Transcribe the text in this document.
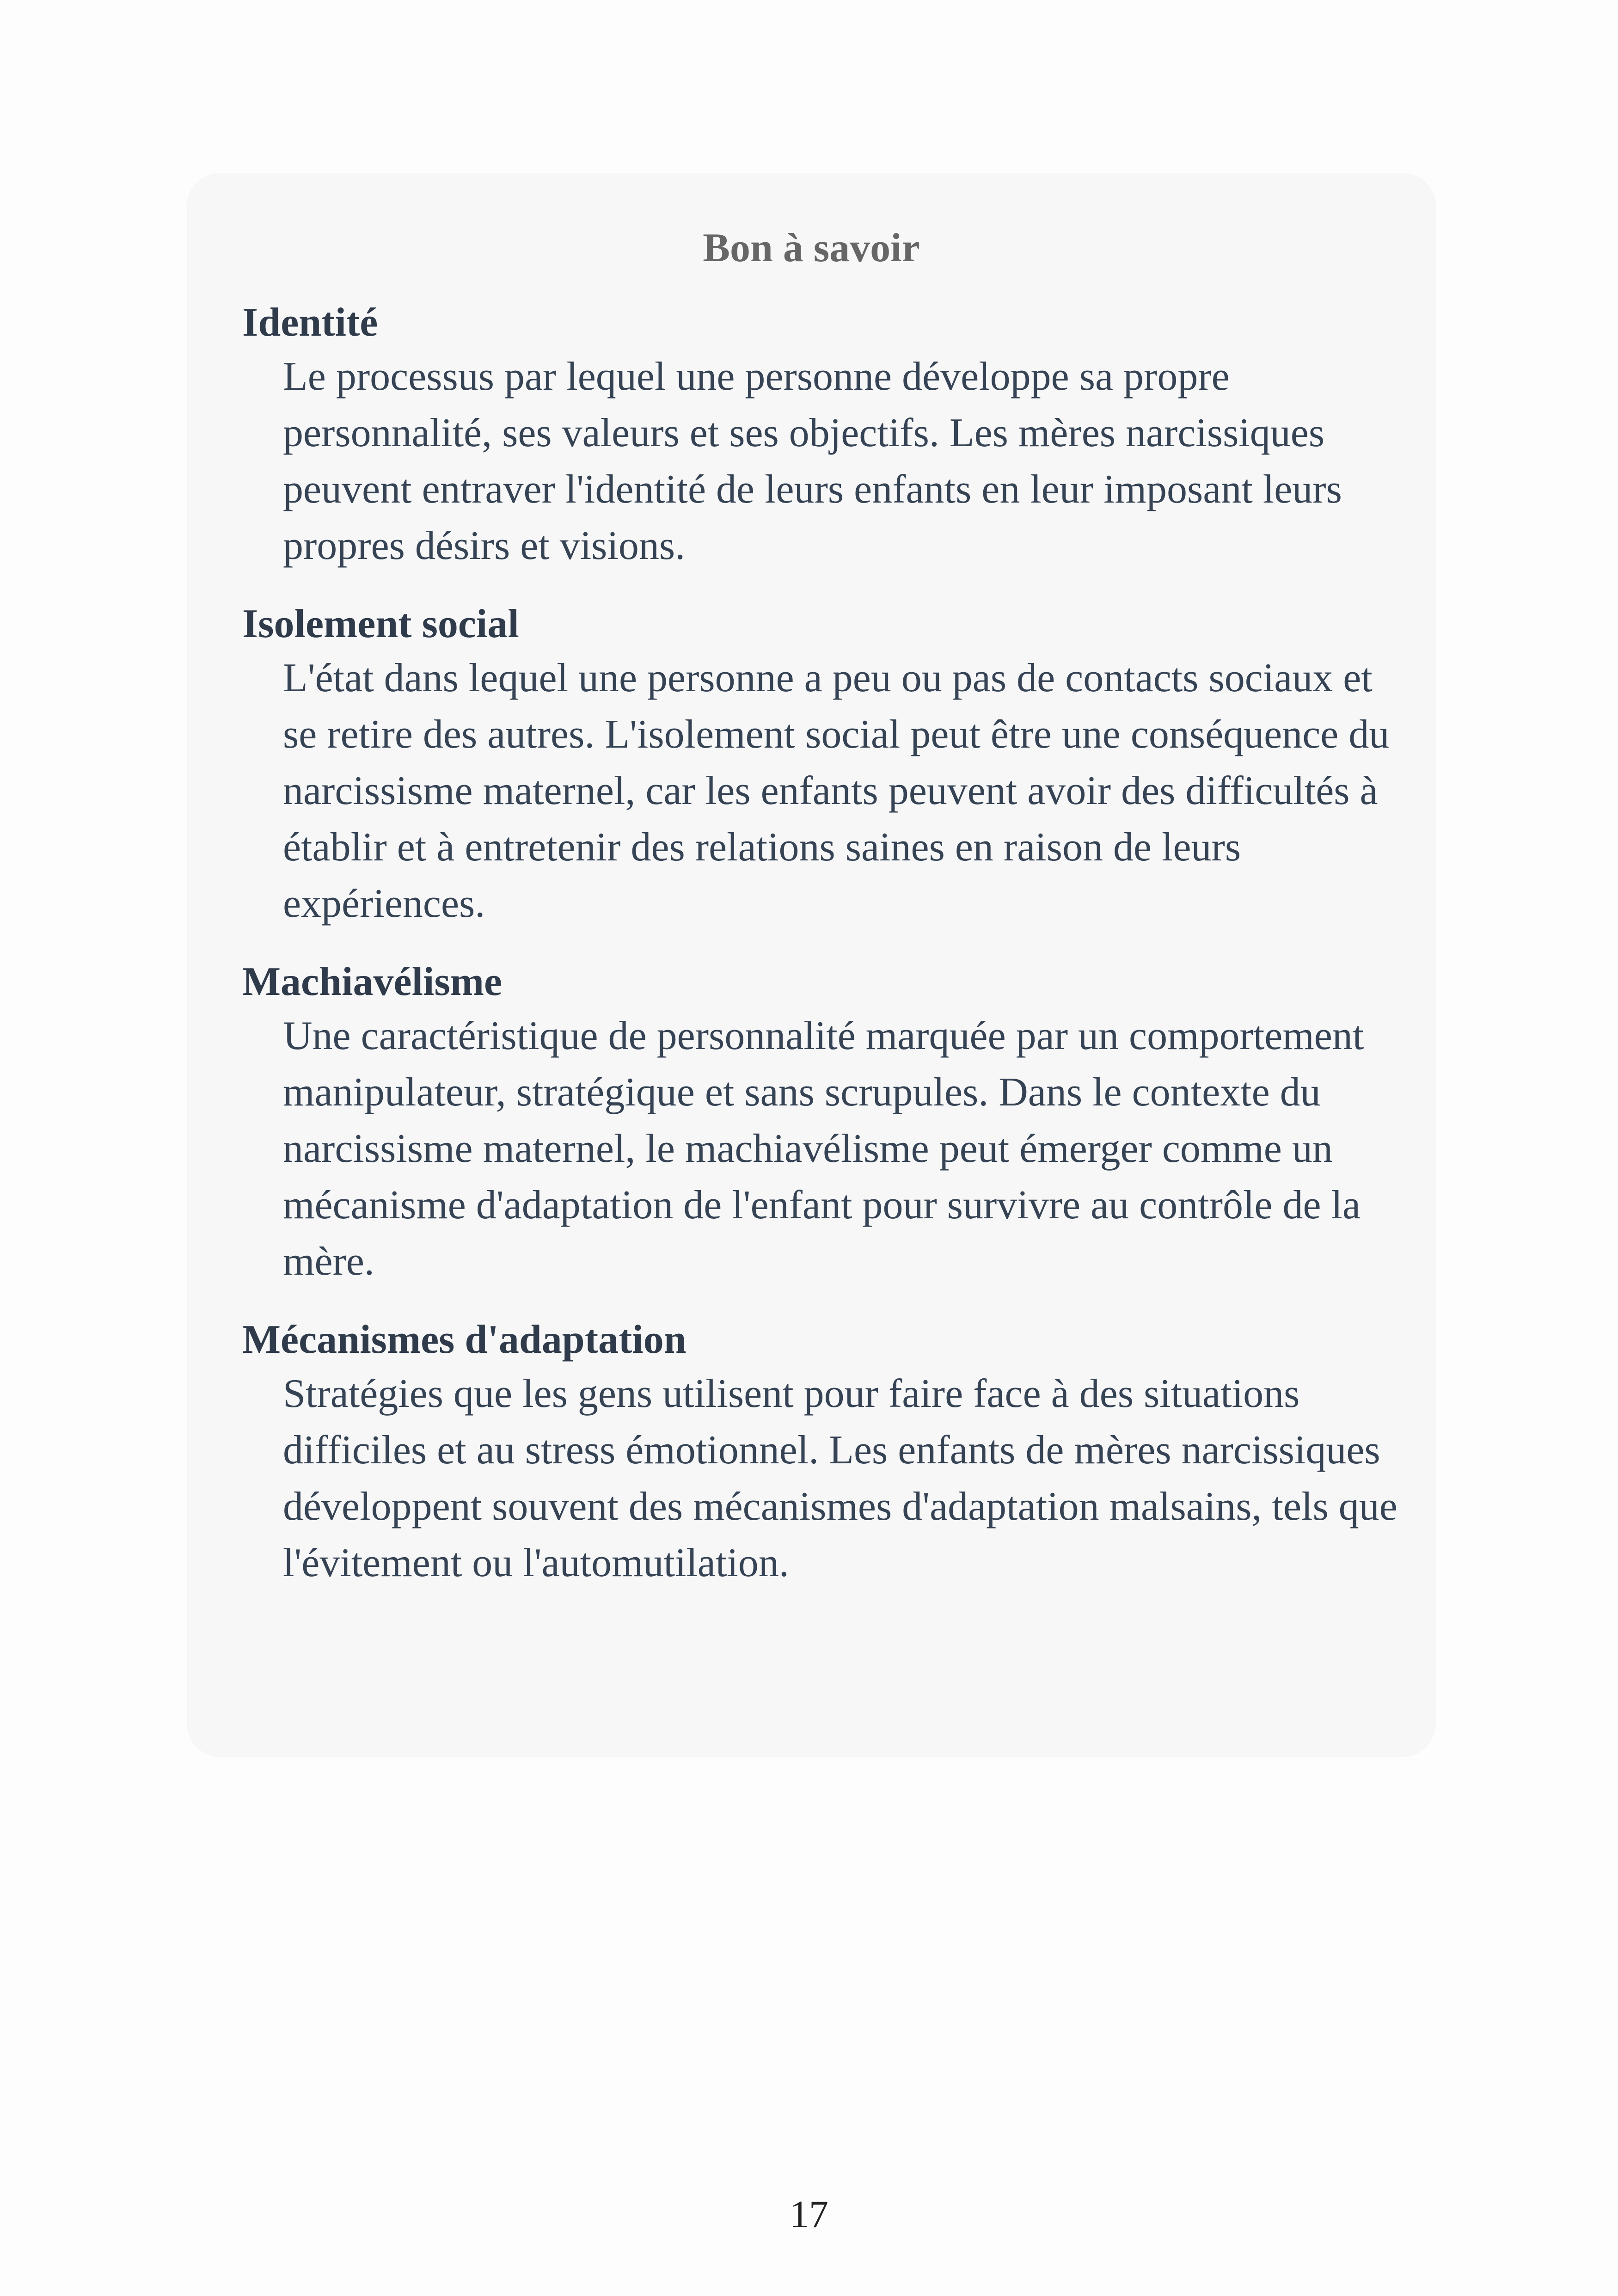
Bon à savoir
Identité
Le processus par lequel une personne développe sa propre personnalité, ses valeurs et ses objectifs. Les mères narcissiques peuvent entraver l'identité de leurs enfants en leur imposant leurs propres désirs et visions.
Isolement social
L'état dans lequel une personne a peu ou pas de contacts sociaux et se retire des autres. L'isolement social peut être une conséquence du narcissisme maternel, car les enfants peuvent avoir des difficultés à établir et à entretenir des relations saines en raison de leurs expériences.
Machiavélisme
Une caractéristique de personnalité marquée par un comportement manipulateur, stratégique et sans scrupules. Dans le contexte du narcissisme maternel, le machiavélisme peut émerger comme un mécanisme d'adaptation de l'enfant pour survivre au contrôle de la mère.
Mécanismes d'adaptation
Stratégies que les gens utilisent pour faire face à des situations difficiles et au stress émotionnel. Les enfants de mères narcissiques développent souvent des mécanismes d'adaptation malsains, tels que l'évitement ou l'automutilation.
17
